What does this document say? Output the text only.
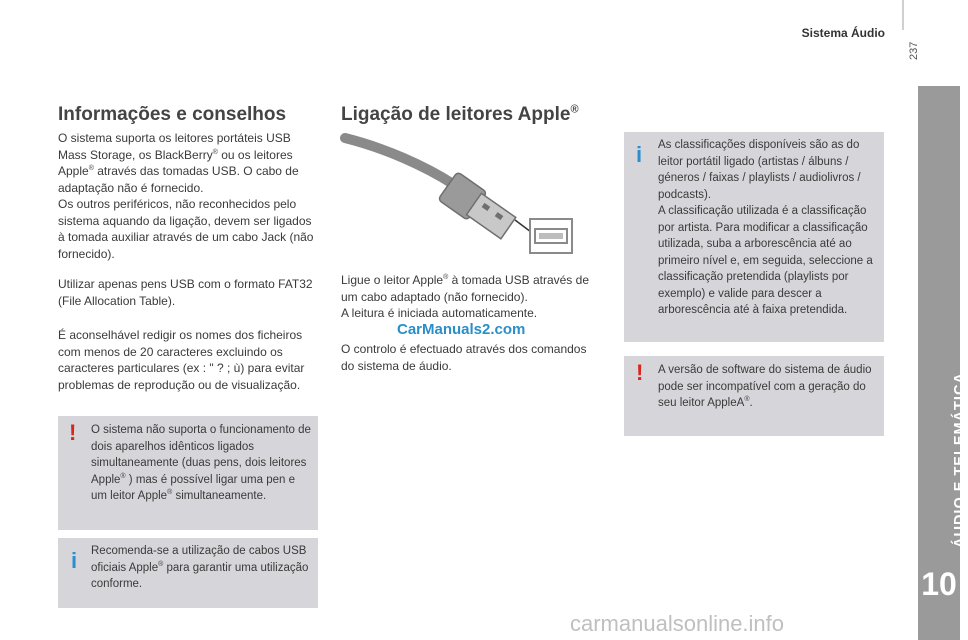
Sistema Áudio
237
ÁUDIO E TELEMÁTICA
10
Informações e conselhos

O sistema suporta os leitores portáteis USB Mass Storage, os BlackBerry® ou os leitores Apple® através das tomadas USB. O cabo de adaptação não é fornecido.

Os outros periféricos, não reconhecidos pelo sistema aquando da ligação, devem ser ligados à tomada auxiliar através de um cabo Jack (não fornecido).

Utilizar apenas pens USB com o formato FAT32 (File Allocation Table).

É aconselhável redigir os nomes dos ficheiros com menos de 20 caracteres excluindo os caracteres particulares (ex : " ? ; ù) para evitar problemas de reprodução ou de visualização.

! O sistema não suporta o funcionamento de dois aparelhos idênticos ligados simultaneamente (duas pens, dois leitores Apple® ) mas é possível ligar uma pen e um leitor Apple® simultaneamente.

i Recomenda-se a utilização de cabos USB oficiais Apple® para garantir uma utilização conforme.

Ligação de leitores Apple®

Ligue o leitor Apple® à tomada USB através de um cabo adaptado (não fornecido).

A leitura é iniciada automaticamente.

O controlo é efectuado através dos comandos do sistema de áudio.

CarManuals2.com
i As classificações disponíveis são as do leitor portátil ligado (artistas / álbuns / géneros / faixas / playlists / audiolivros / podcasts).

A classificação utilizada é a classificação por artista. Para modificar a classificação utilizada, suba a arborescência até ao primeiro nível e, em seguida, seleccione a classificação pretendida (playlists por exemplo) e valide para descer a arborescência até à faixa pretendida.

! A versão de software do sistema de áudio pode ser incompatível com a geração do seu leitor AppleA®.

carmanualsonline.info
